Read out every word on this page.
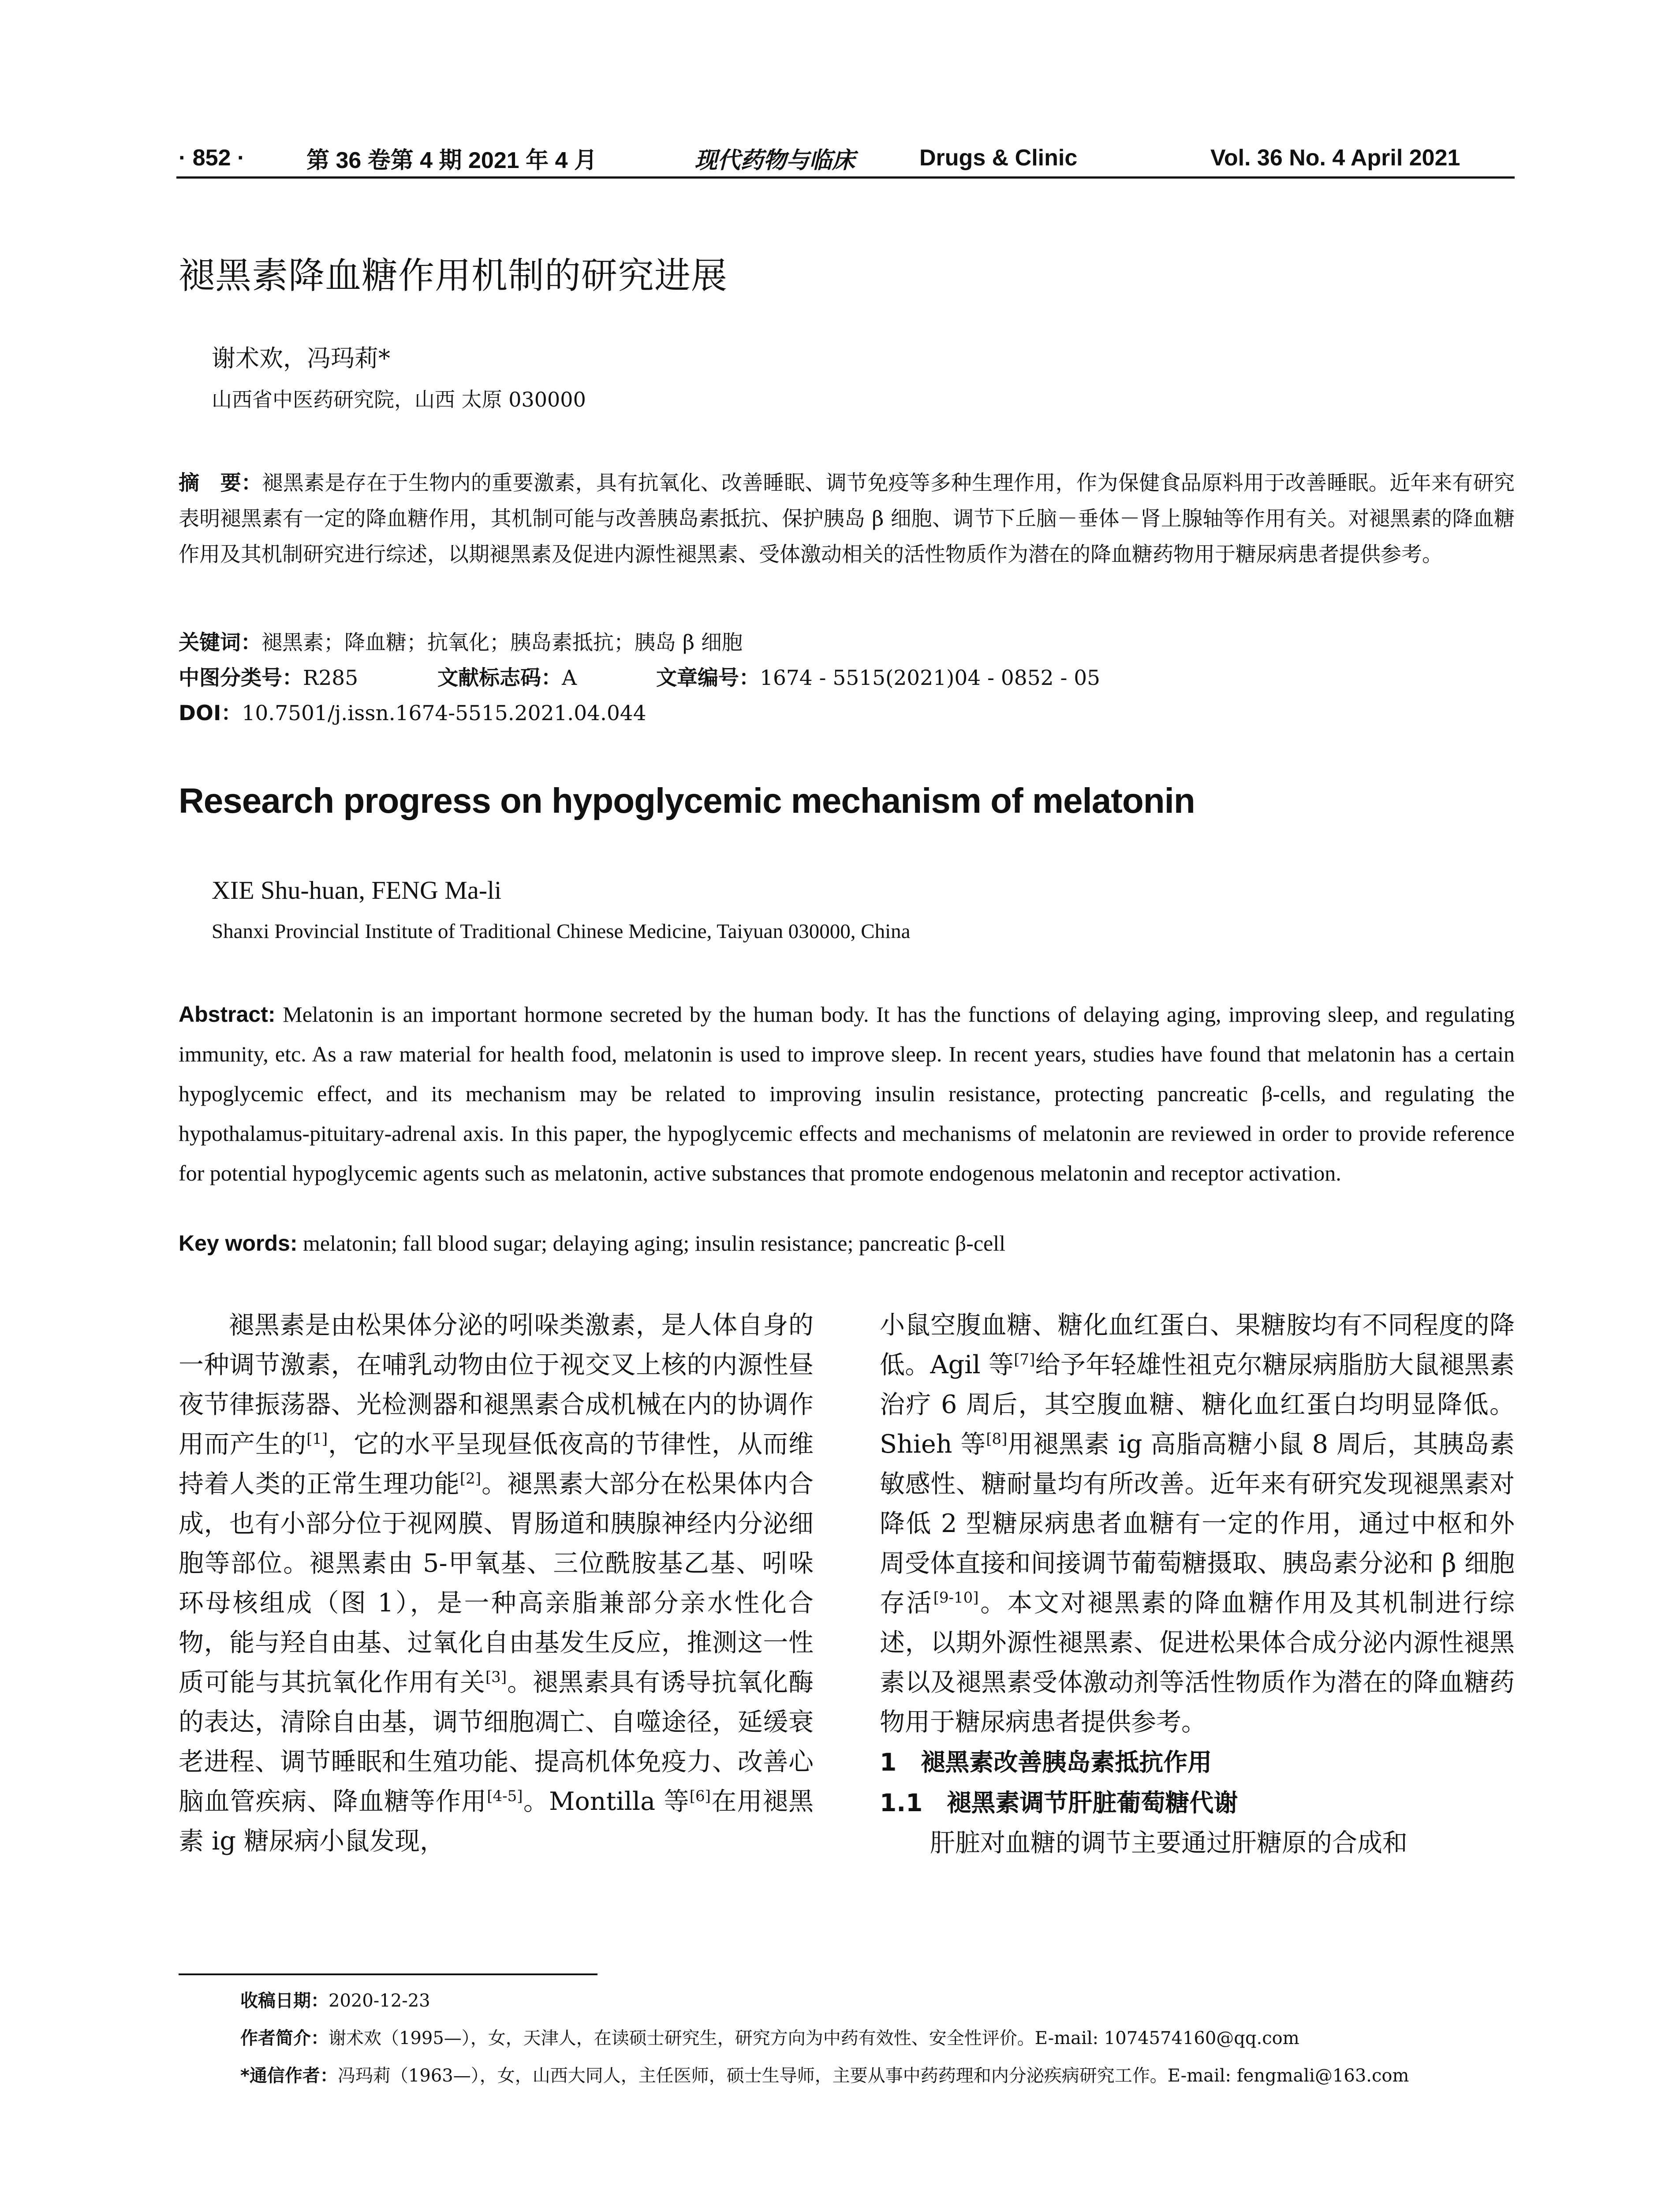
· 852 ·	第 36 卷第 4 期 2021 年 4 月	现代药物与临床	Drugs & Clinic	Vol. 36 No. 4 April 2021
褪黑素降血糖作用机制的研究进展
谢术欢，冯玛莉*
山西省中医药研究院，山西 太原 030000
摘　要：褪黑素是存在于生物内的重要激素，具有抗氧化、改善睡眠、调节免疫等多种生理作用，作为保健食品原料用于改善睡眠。近年来有研究表明褪黑素有一定的降血糖作用，其机制可能与改善胰岛素抵抗、保护胰岛 β 细胞、调节下丘脑－垂体－肾上腺轴等作用有关。对褪黑素的降血糖作用及其机制研究进行综述，以期褪黑素及促进内源性褪黑素、受体激动相关的活性物质作为潜在的降血糖药物用于糖尿病患者提供参考。
关键词：褪黑素；降血糖；抗氧化；胰岛素抵抗；胰岛 β 细胞
中图分类号：R285	文献标志码：A	文章编号：1674 - 5515(2021)04 - 0852 - 05
DOI：10.7501/j.issn.1674-5515.2021.04.044
Research progress on hypoglycemic mechanism of melatonin
XIE Shu-huan, FENG Ma-li
Shanxi Provincial Institute of Traditional Chinese Medicine, Taiyuan 030000, China
Abstract: Melatonin is an important hormone secreted by the human body. It has the functions of delaying aging, improving sleep, and regulating immunity, etc. As a raw material for health food, melatonin is used to improve sleep. In recent years, studies have found that melatonin has a certain hypoglycemic effect, and its mechanism may be related to improving insulin resistance, protecting pancreatic β-cells, and regulating the hypothalamus-pituitary-adrenal axis. In this paper, the hypoglycemic effects and mechanisms of melatonin are reviewed in order to provide reference for potential hypoglycemic agents such as melatonin, active substances that promote endogenous melatonin and receptor activation.
Key words: melatonin; fall blood sugar; delaying aging; insulin resistance; pancreatic β-cell

褪黑素是由松果体分泌的吲哚类激素，是人体自身的一种调节激素，在哺乳动物由位于视交叉上核的内源性昼夜节律振荡器、光检测器和褪黑素合成机械在内的协调作用而产生的[1]，它的水平呈现昼低夜高的节律性，从而维持着人类的正常生理功能[2]。褪黑素大部分在松果体内合成，也有小部分位于视网膜、胃肠道和胰腺神经内分泌细胞等部位。褪黑素由 5-甲氧基、三位酰胺基乙基、吲哚环母核组成（图 1），是一种高亲脂兼部分亲水性化合物，能与羟自由基、过氧化自由基发生反应，推测这一性质可能与其抗氧化作用有关[3]。褪黑素具有诱导抗氧化酶的表达，清除自由基，调节细胞凋亡、自噬途径，延缓衰老进程、调节睡眠和生殖功能、提高机体免疫力、改善心脑血管疾病、降血糖等作用[4-5]。Montilla 等[6]在用褪黑素 ig 糖尿病小鼠发现，

小鼠空腹血糖、糖化血红蛋白、果糖胺均有不同程度的降低。Agil 等[7]给予年轻雄性祖克尔糖尿病脂肪大鼠褪黑素治疗 6 周后，其空腹血糖、糖化血红蛋白均明显降低。Shieh 等[8]用褪黑素 ig 高脂高糖小鼠 8 周后，其胰岛素敏感性、糖耐量均有所改善。近年来有研究发现褪黑素对降低 2 型糖尿病患者血糖有一定的作用，通过中枢和外周受体直接和间接调节葡萄糖摄取、胰岛素分泌和 β 细胞存活[9-10]。本文对褪黑素的降血糖作用及其机制进行综述，以期外源性褪黑素、促进松果体合成分泌内源性褪黑素以及褪黑素受体激动剂等活性物质作为潜在的降血糖药物用于糖尿病患者提供参考。

1　褪黑素改善胰岛素抵抗作用

1.1　褪黑素调节肝脏葡萄糖代谢

肝脏对血糖的调节主要通过肝糖原的合成和

收稿日期：2020-12-23
作者简介：谢术欢（1995—），女，天津人，在读硕士研究生，研究方向为中药有效性、安全性评价。E-mail: 1074574160@qq.com
*通信作者：冯玛莉（1963—），女，山西大同人，主任医师，硕士生导师，主要从事中药药理和内分泌疾病研究工作。E-mail: fengmali@163.com
